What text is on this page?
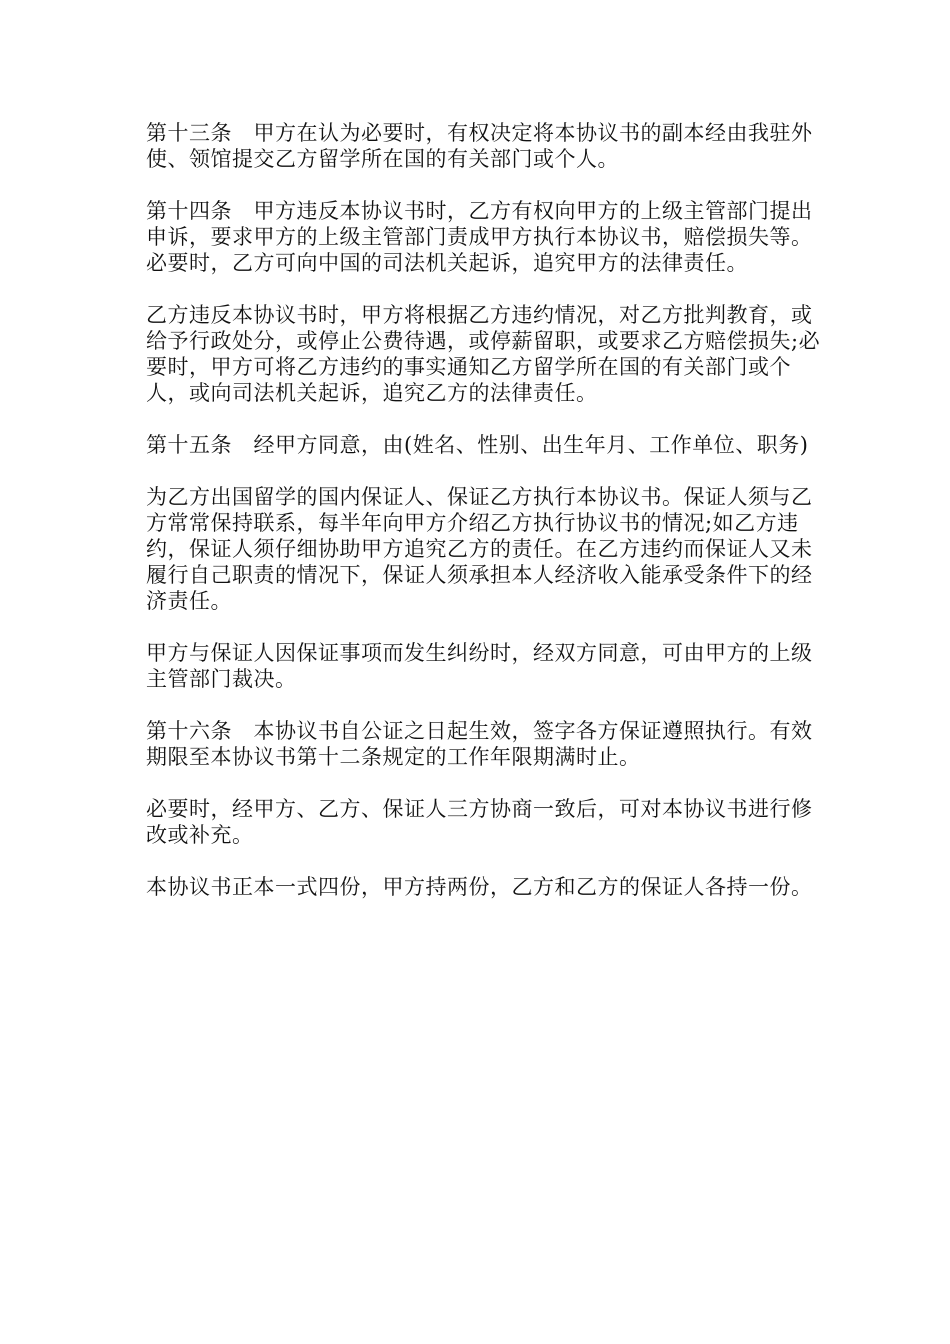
第十三条　甲方在认为必要时，有权决定将本协议书的副本经由我驻外使、领馆提交乙方留学所在国的有关部门或个人。

第十四条　甲方违反本协议书时，乙方有权向甲方的上级主管部门提出申诉，要求甲方的上级主管部门责成甲方执行本协议书，赔偿损失等。必要时，乙方可向中国的司法机关起诉，追究甲方的法律责任。

乙方违反本协议书时，甲方将根据乙方违约情况，对乙方批判教育，或给予行政处分，或停止公费待遇，或停薪留职，或要求乙方赔偿损失;必要时，甲方可将乙方违约的事实通知乙方留学所在国的有关部门或个人，或向司法机关起诉，追究乙方的法律责任。

第十五条　经甲方同意，由(姓名、性别、出生年月、工作单位、职务)

为乙方出国留学的国内保证人、保证乙方执行本协议书。保证人须与乙方常常保持联系，每半年向甲方介绍乙方执行协议书的情况;如乙方违约，保证人须仔细协助甲方追究乙方的责任。在乙方违约而保证人又未履行自己职责的情况下，保证人须承担本人经济收入能承受条件下的经济责任。

甲方与保证人因保证事项而发生纠纷时，经双方同意，可由甲方的上级主管部门裁决。

第十六条　本协议书自公证之日起生效，签字各方保证遵照执行。有效期限至本协议书第十二条规定的工作年限期满时止。

必要时，经甲方、乙方、保证人三方协商一致后，可对本协议书进行修改或补充。

本协议书正本一式四份，甲方持两份，乙方和乙方的保证人各持一份。
